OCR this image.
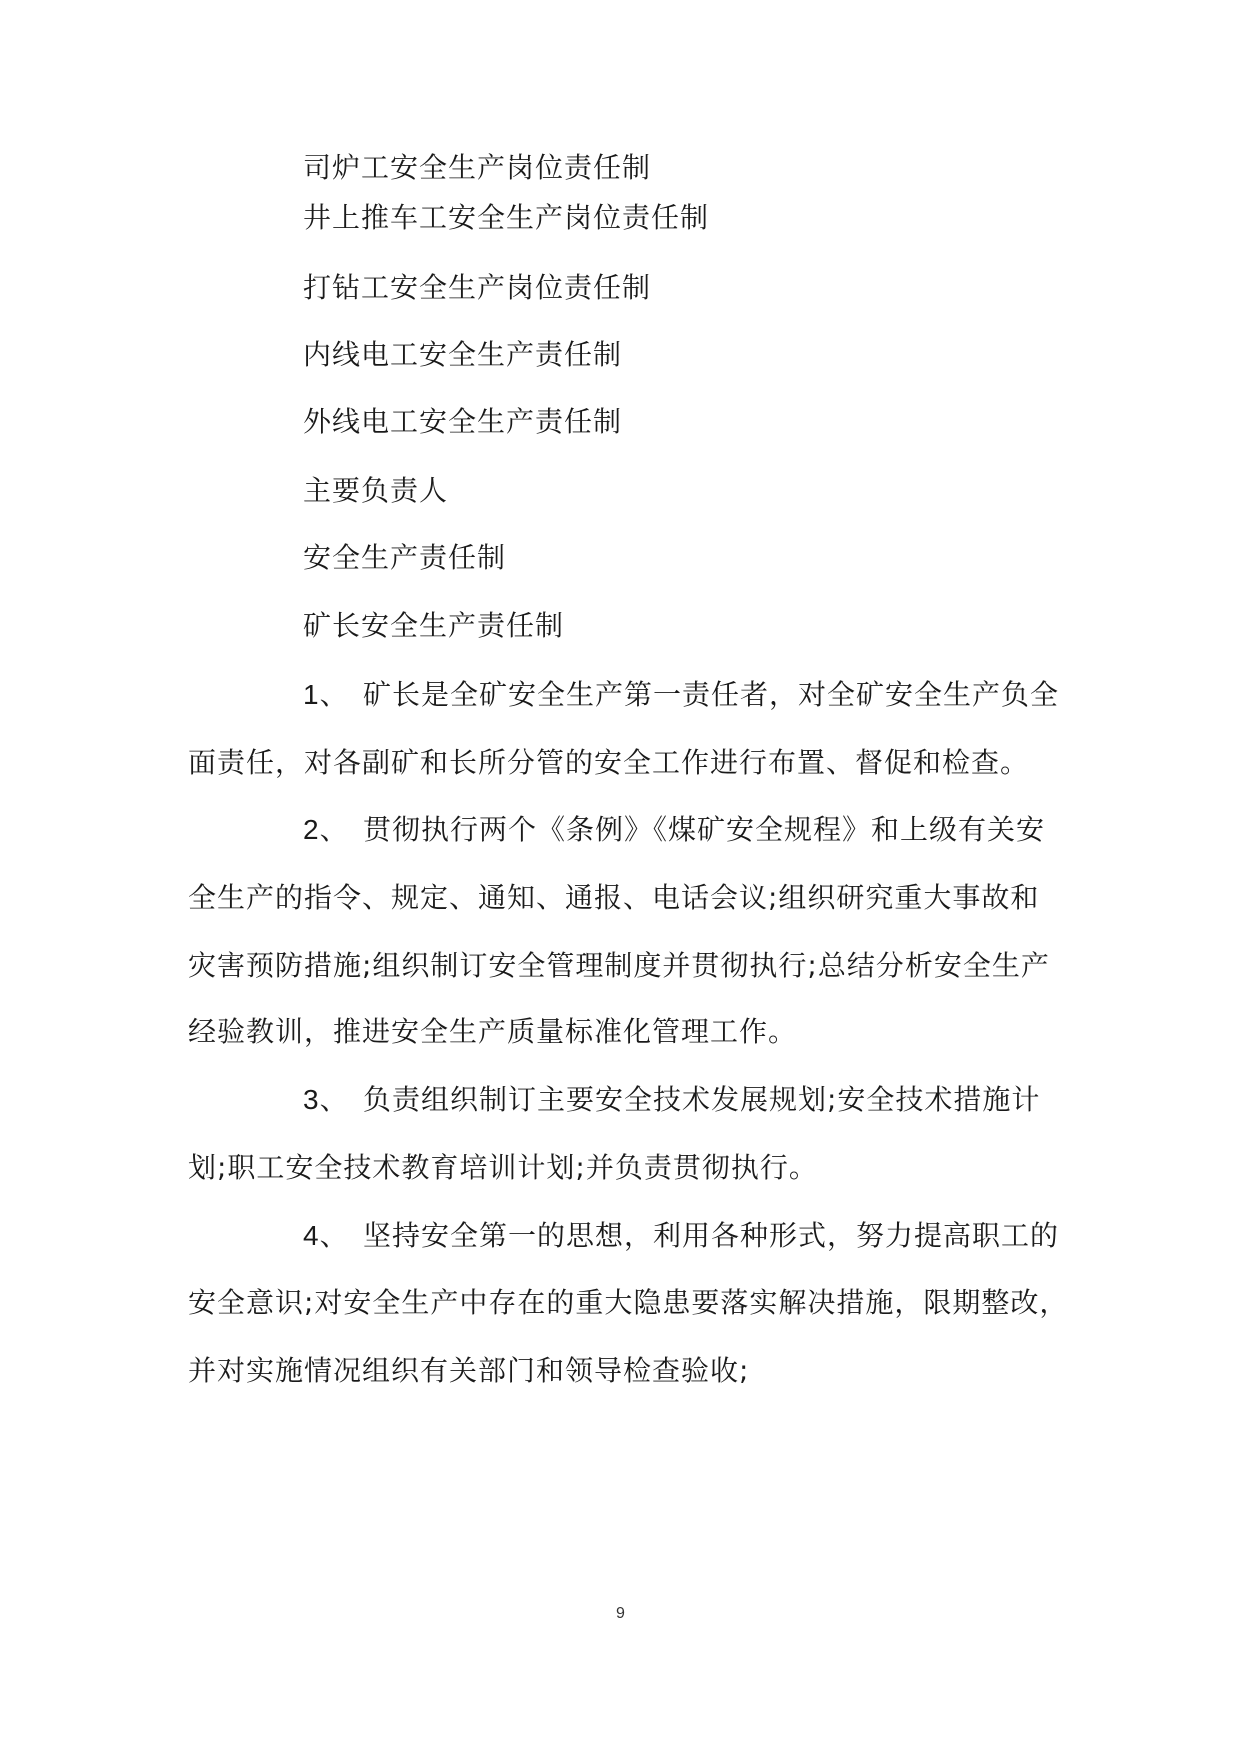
司炉工安全生产岗位责任制
井上推车工安全生产岗位责任制
打钻工安全生产岗位责任制
内线电工安全生产责任制
外线电工安全生产责任制
主要负责人
安全生产责任制
矿长安全生产责任制
1、 矿长是全矿安全生产第一责任者，对全矿安全生产负全
面责任，对各副矿和长所分管的安全工作进行布置、督促和检查。
2、 贯彻执行两个《条例》《煤矿安全规程》和上级有关安
全生产的指令、规定、通知、通报、电话会议;组织研究重大事故和
灾害预防措施;组织制订安全管理制度并贯彻执行;总结分析安全生产
经验教训，推进安全生产质量标准化管理工作。
3、 负责组织制订主要安全技术发展规划;安全技术措施计
划;职工安全技术教育培训计划;并负责贯彻执行。
4、 坚持安全第一的思想，利用各种形式，努力提高职工的
安全意识;对安全生产中存在的重大隐患要落实解决措施，限期整改，
并对实施情况组织有关部门和领导检查验收;
9
